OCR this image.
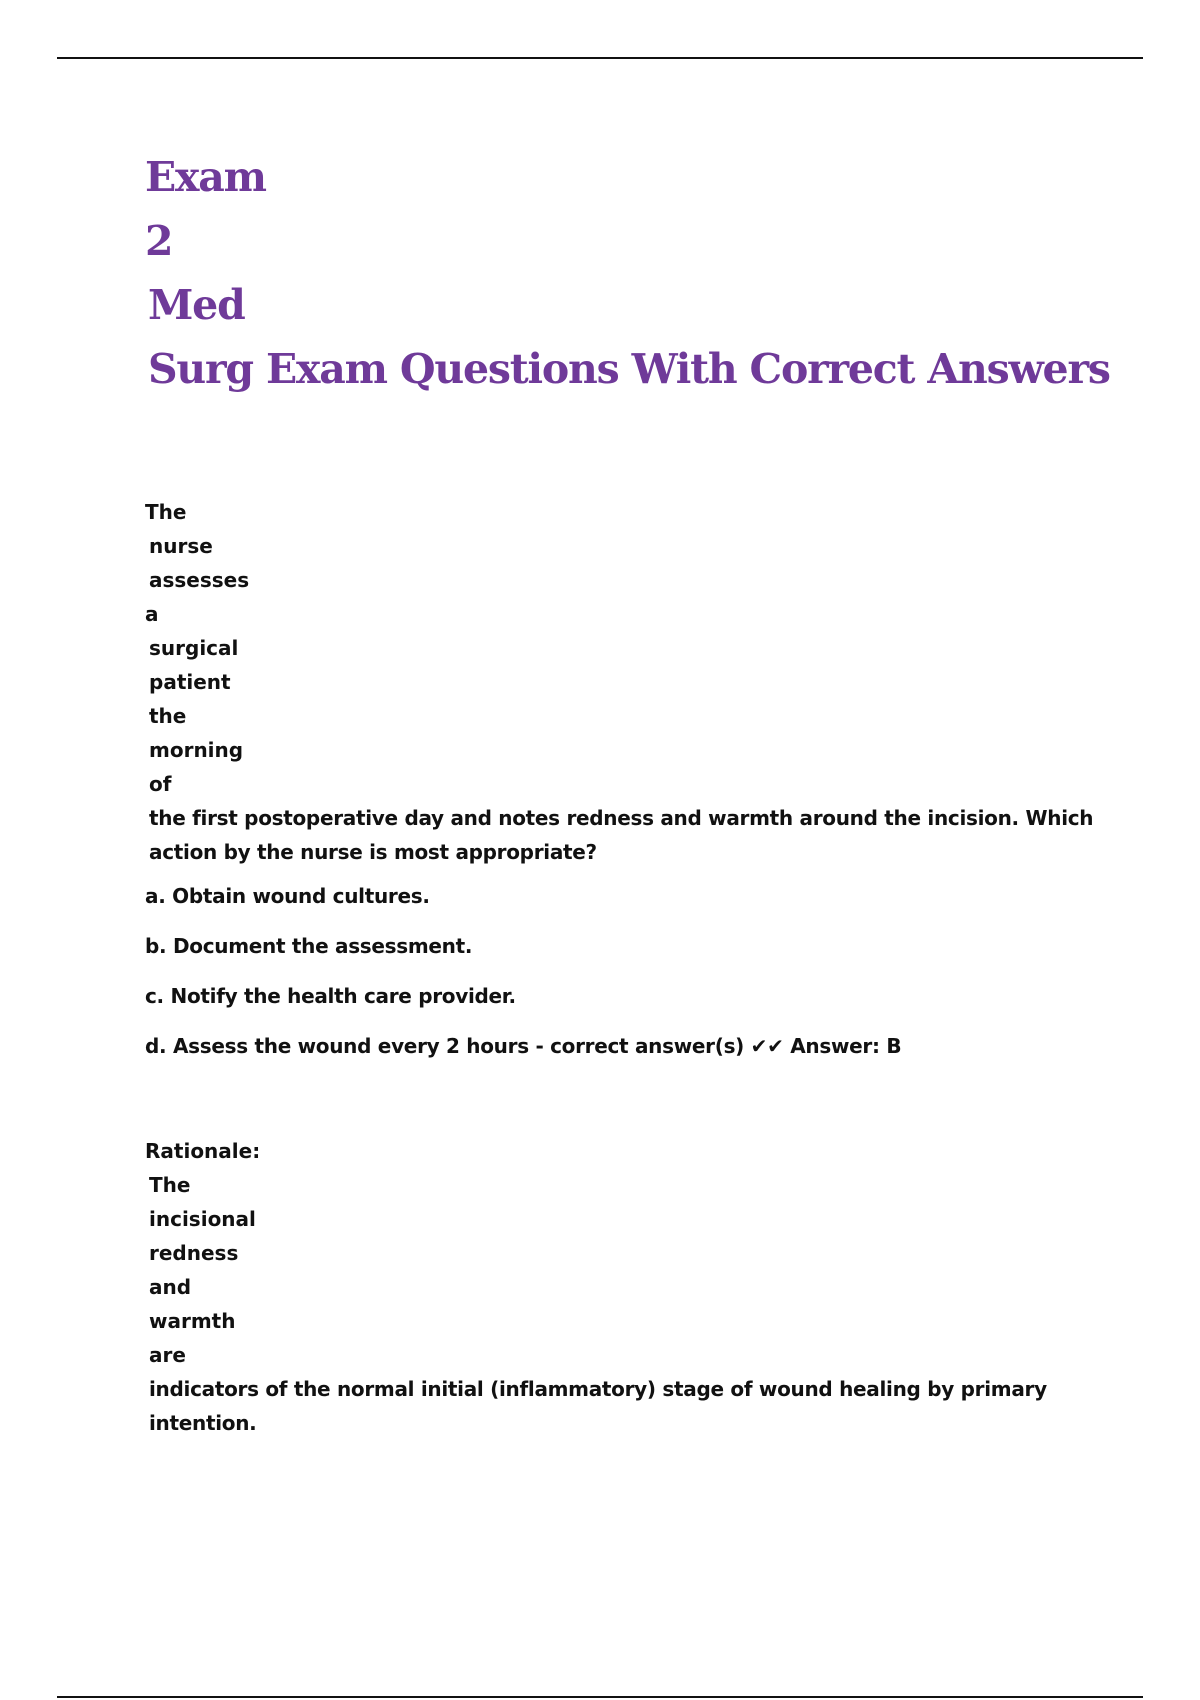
Exam
2
Med
Surg Exam Questions With Correct Answers
The
nurse
assesses
a
surgical
patient
the
morning
of
the first postoperative day and notes redness and warmth around the incision. Which action by the nurse is most appropriate?
a. Obtain wound cultures.
b. Document the assessment.
c. Notify the health care provider.
d. Assess the wound every 2 hours - correct answer(s) ✔✔ Answer: B
Rationale:
The
incisional
redness
and
warmth
are
indicators of the normal initial (inflammatory) stage of wound healing by primary intention.
